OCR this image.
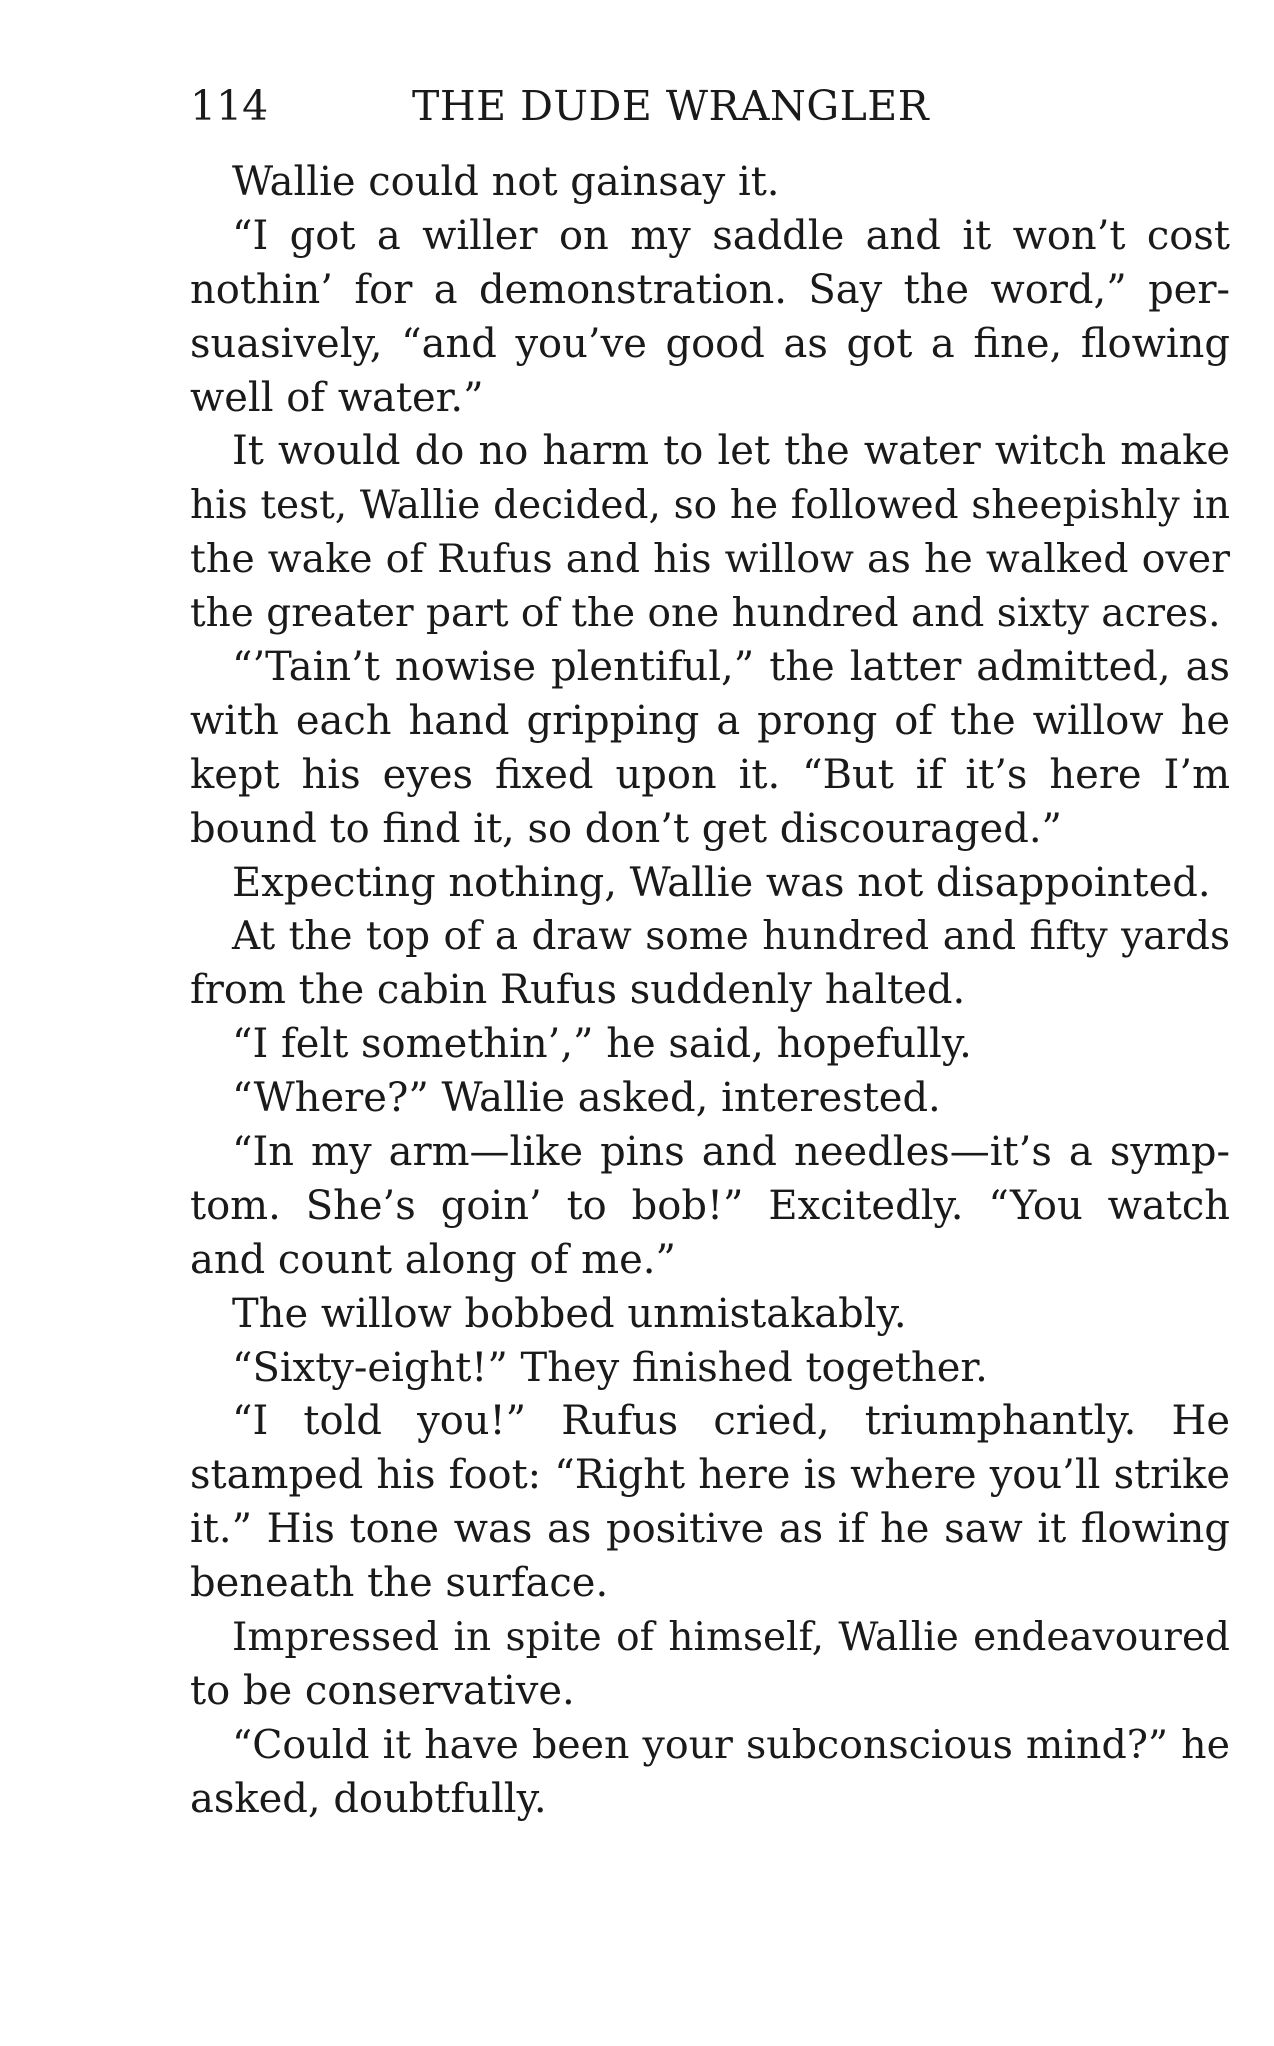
114	THE DUDE WRANGLER
Wallie could not gainsay it.
“I got a willer on my saddle and it won’t cost
nothin’ for a demonstration. Say the word,” per-
suasively, “and you’ve good as got a fine, flowing
well of water.”
It would do no harm to let the water witch make
his test, Wallie decided, so he followed sheepishly in
the wake of Rufus and his willow as he walked over
the greater part of the one hundred and sixty acres.
“’Tain’t nowise plentiful,” the latter admitted, as
with each hand gripping a prong of the willow he
kept his eyes fixed upon it. “But if it’s here I’m
bound to find it, so don’t get discouraged.”
Expecting nothing, Wallie was not disappointed.
At the top of a draw some hundred and fifty yards
from the cabin Rufus suddenly halted.
“I felt somethin’,” he said, hopefully.
“Where?” Wallie asked, interested.
“In my arm—like pins and needles—it’s a symp-
tom. She’s goin’ to bob!” Excitedly. “You watch
and count along of me.”
The willow bobbed unmistakably.
“Sixty-eight!” They finished together.
“I told you!” Rufus cried, triumphantly. He
stamped his foot: “Right here is where you’ll strike
it.” His tone was as positive as if he saw it flowing
beneath the surface.
Impressed in spite of himself, Wallie endeavoured
to be conservative.
“Could it have been your subconscious mind?” he
asked, doubtfully.
